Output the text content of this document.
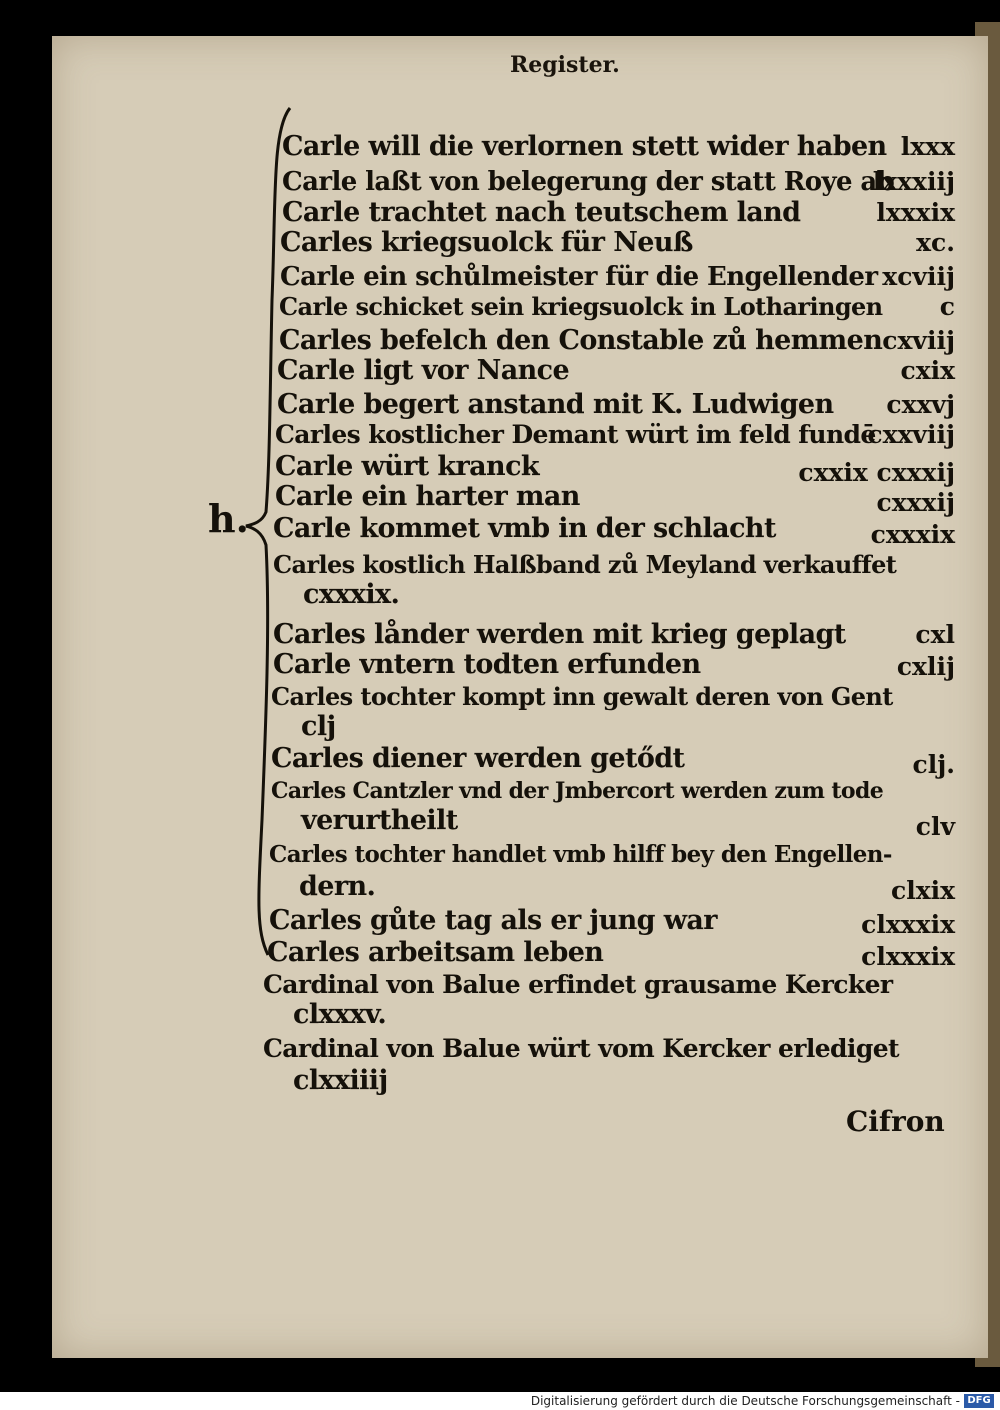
Register.
h.
Carle will die verlornen stett wider haben lxxx
Carle laßt von belegerung der statt Roye ab
lxxxiij
Carle trachtet nach teutschem land	lxxxix
Carles kriegsuolck für Neuß	xc.
Carle ein schůlmeister für die Engellender xcviij
Carle schicket sein kriegsuolck in Lotharingen c
Carles befelch den Constable zů hemmen cxviij
Carle ligt vor Nance	cxix
Carle begert anstand mit K. Ludwigen cxxvj
Carles kostlicher Demant würt im feld fundē
cxxviij
Carle würt kranck	cxxix cxxxij
Carle ein harter man	cxxxij
Carle kommet vmb in der schlacht	cxxxix
Carles kostlich Halßband zů Meyland verkauffet
cxxxix.
Carles lånder werden mit krieg geplagt	cxl
Carle vntern todten erfunden	cxlij
Carles tochter kompt inn gewalt deren von Gent
clj
Carles diener werden getődt	clj.
Carles Cantzler vnd der Jmbercort werden zum tode
verurtheilt	clv
Carles tochter handlet vmb hilff bey den Engellen-
dern.	clxix
Carles gůte tag als er jung war	clxxxix
Carles arbeitsam leben	clxxxix
Cardinal von Balue erfindet grausame Kercker
clxxxv.
Cardinal von Balue würt vom Kercker erlediget
clxxiiij
Cifron
Digitalisierung gefördert durch die Deutsche Forschungsgemeinschaft - DFG
